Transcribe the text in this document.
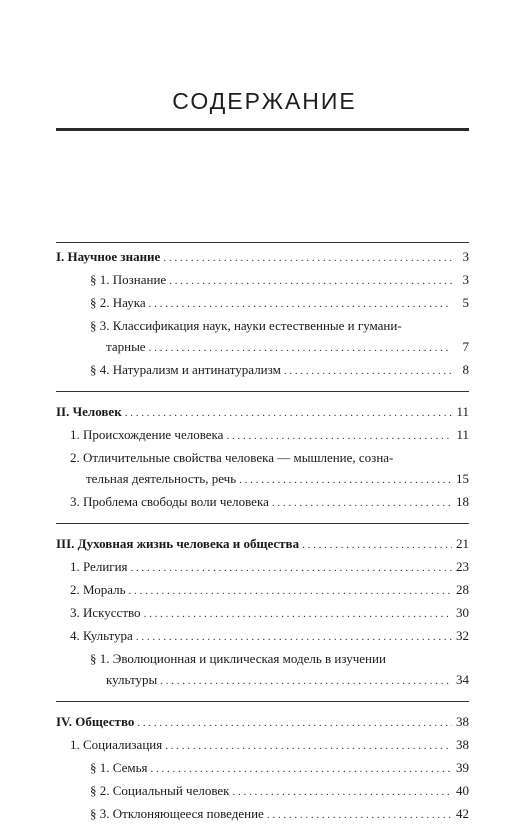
СОДЕРЖАНИЕ
I. Научное знание . . .	3
§ 1. Познание . . .	3
§ 2. Наука . . .	5
§ 3. Классификация наук, науки естественные и гумани-
тарные . . .	7
§ 4. Натурализм и антинатурализм . . .	8
II. Человек . . .	11
1. Происхождение человека . . .	11
2. Отличительные свойства человека — мышление, созна-
тельная деятельность, речь . . .	15
3. Проблема свободы воли человека . . .	18
III. Духовная жизнь человека и общества . . .	21
1. Религия . . .	23
2. Мораль . . .	28
3. Искусство . . .	30
4. Культура . . .	32
§ 1. Эволюционная и циклическая модель в изучении
культуры . . .	34
IV. Общество . . .	38
1. Социализация . . .	38
§ 1. Семья . . .	39
§ 2. Социальный человек . . .	40
§ 3. Отклоняющееся поведение . . .	42
